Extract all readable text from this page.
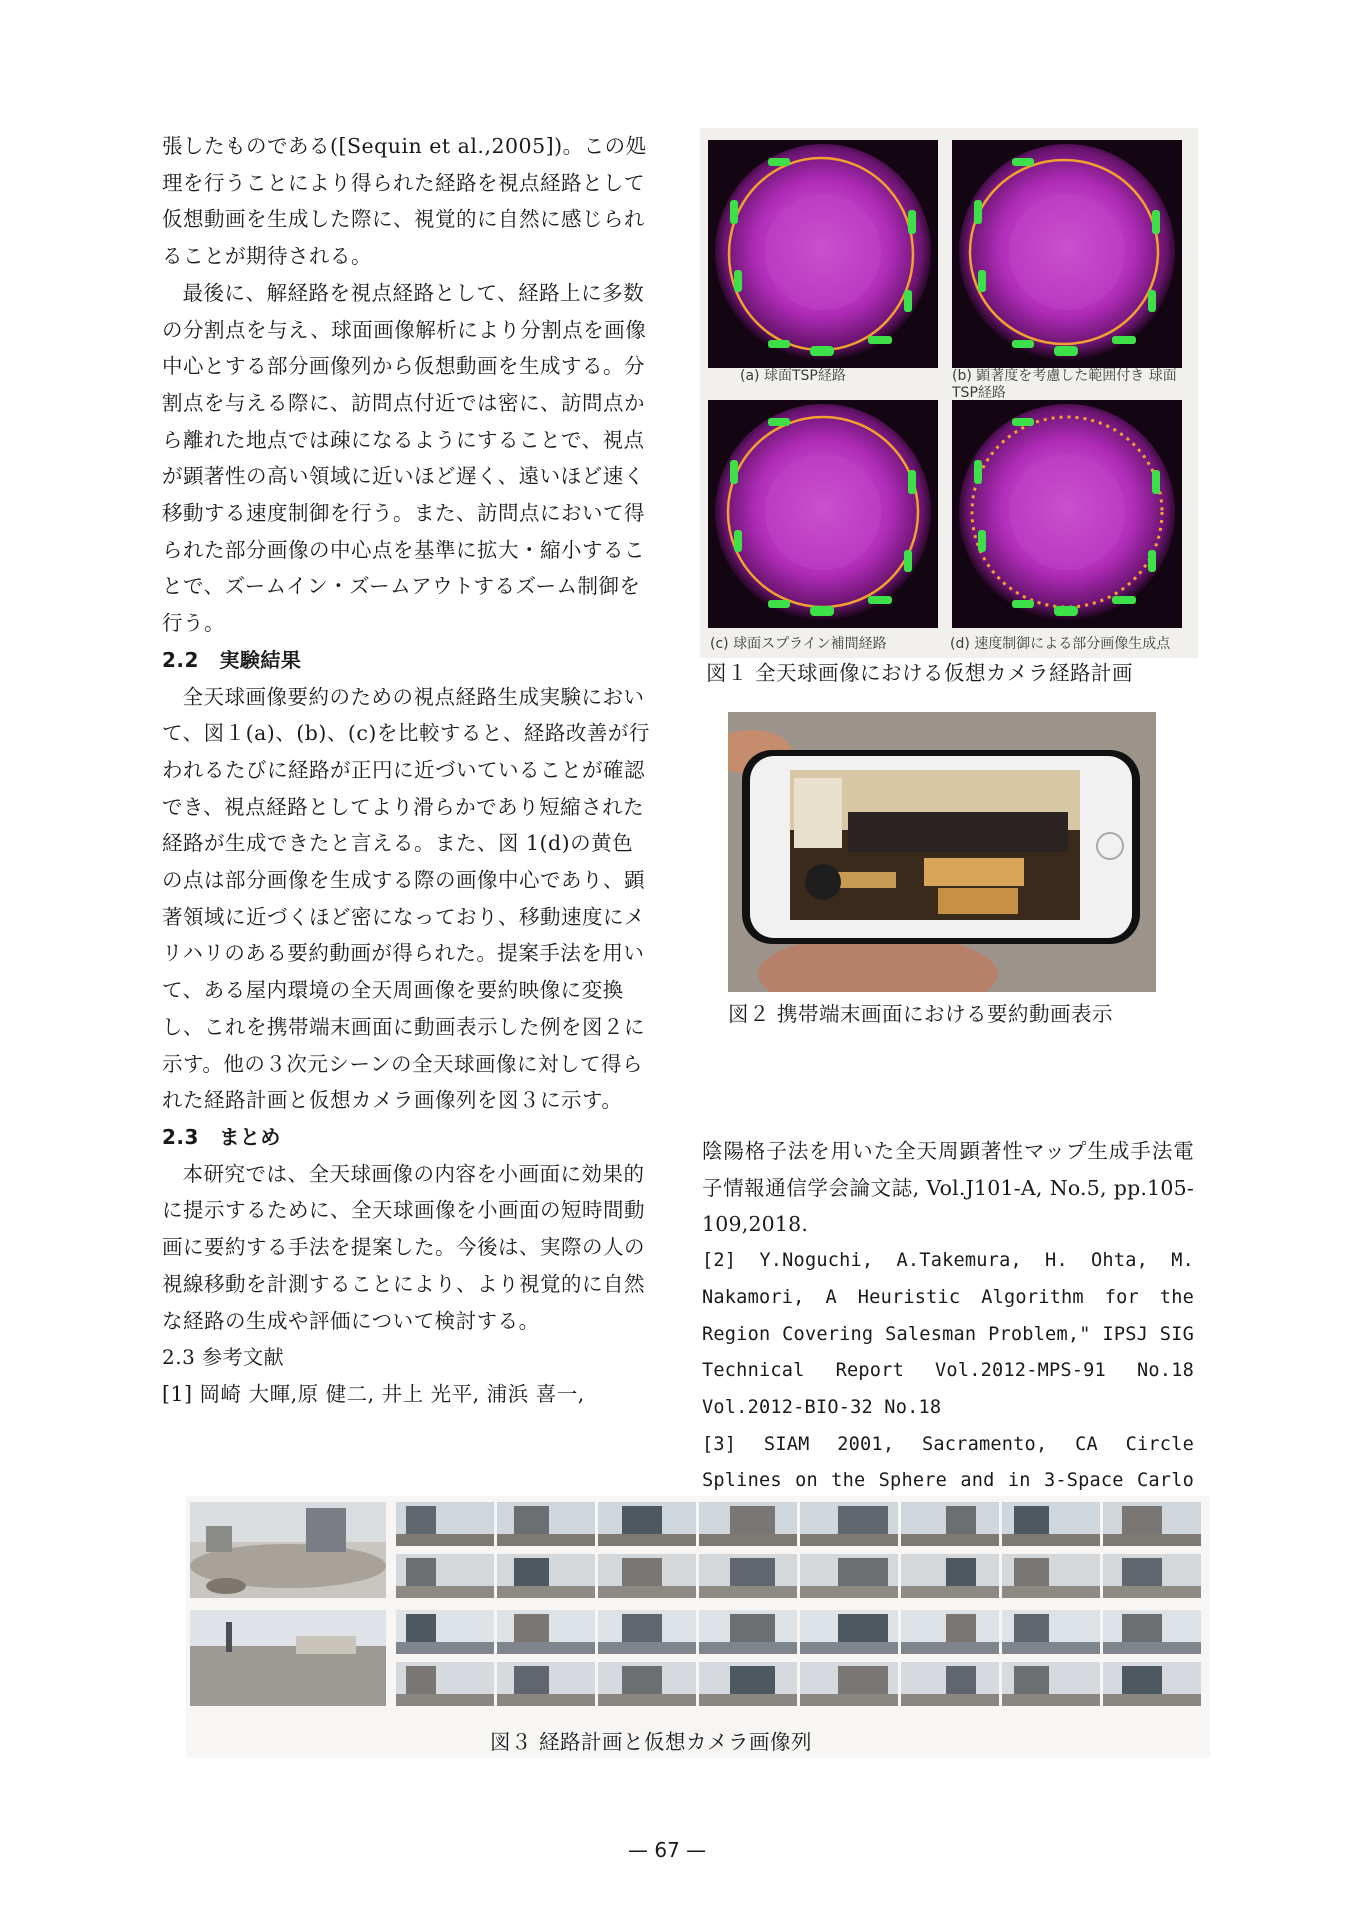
張したものである([Sequin et al.,2005])。この処理を行うことにより得られた経路を視点経路として仮想動画を生成した際に、視覚的に自然に感じられることが期待される。

最後に、解経路を視点経路として、経路上に多数の分割点を与え、球面画像解析により分割点を画像中心とする部分画像列から仮想動画を生成する。分割点を与える際に、訪問点付近では密に、訪問点から離れた地点では疎になるようにすることで、視点が顕著性の高い領域に近いほど遅く、遠いほど速く移動する速度制御を行う。また、訪問点において得られた部分画像の中心点を基準に拡大・縮小することで、ズームイン・ズームアウトするズーム制御を行う。

2.2　実験結果

全天球画像要約のための視点経路生成実験において、図１(a)、(b)、(c)を比較すると、経路改善が行われるたびに経路が正円に近づいていることが確認でき、視点経路としてより滑らかであり短縮された経路が生成できたと言える。また、図 1(d)の黄色の点は部分画像を生成する際の画像中心であり、顕著領域に近づくほど密になっており、移動速度にメリハリのある要約動画が得られた。提案手法を用いて、ある屋内環境の全天周画像を要約映像に変換し、これを携帯端末画面に動画表示した例を図２に示す。他の３次元シーンの全天球画像に対して得られた経路計画と仮想カメラ画像列を図３に示す。

2.3　まとめ

本研究では、全天球画像の内容を小画面に効果的に提示するために、全天球画像を小画面の短時間動画に要約する手法を提案した。今後は、実際の人の視線移動を計測することにより、より視覚的に自然な経路の生成や評価について検討する。

2.3 参考文献

[1] 岡崎 大暉,原 健二, 井上 光平, 浦浜 喜一,

(a) 球面TSP経路	(b) 顕著度を考慮した範囲付き 球面TSP経路
(c) 球面スプライン補間経路	(d) 速度制御による部分画像生成点
図１ 全天球画像における仮想カメラ経路計画
図２ 携帯端末画面における要約動画表示

陰陽格子法を用いた全天周顕著性マップ生成手法電子情報通信学会論文誌, Vol.J101-A, No.5, pp.105-109,2018.

[2] Y.Noguchi, A.Takemura, H. Ohta, M. Nakamori, A Heuristic Algorithm for the Region Covering Salesman Problem," IPSJ SIG Technical Report Vol.2012-MPS-91 No.18 Vol.2012-BIO-32 No.18

[3] SIAM 2001, Sacramento, CA Circle Splines on the Sphere and in 3-Space Carlo

図３ 経路計画と仮想カメラ画像列
— 67 —
